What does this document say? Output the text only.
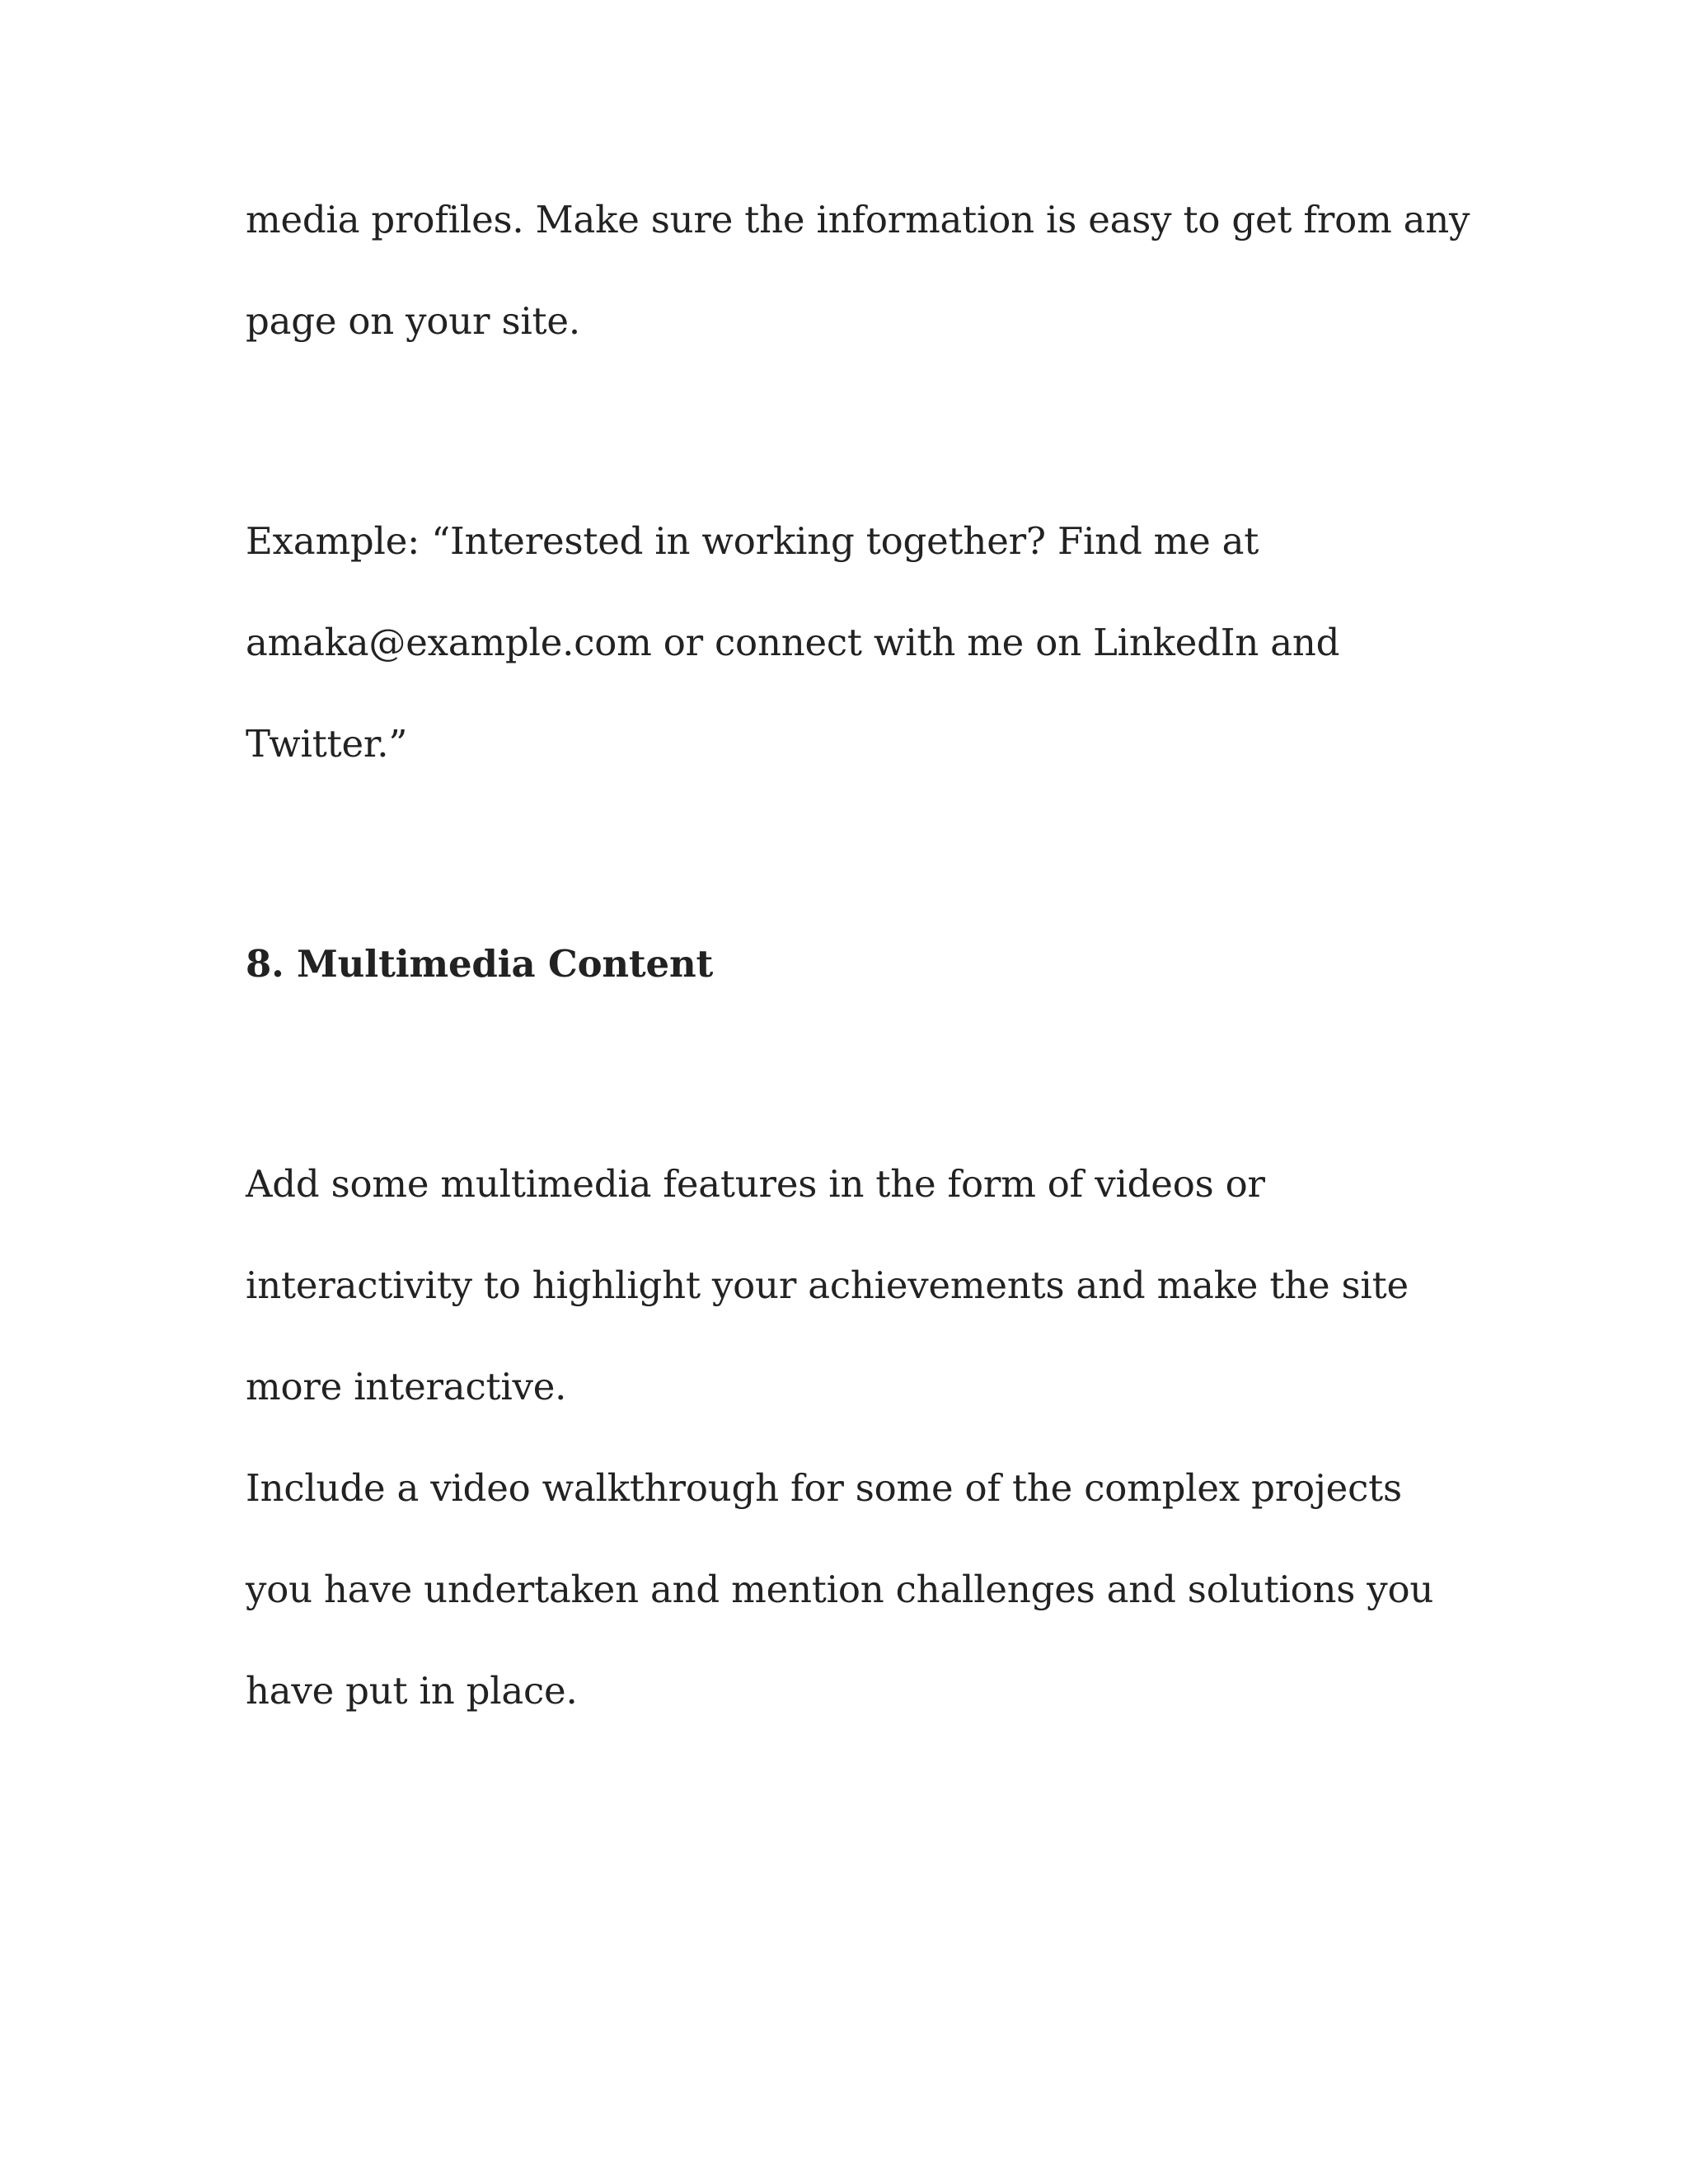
media profiles. Make sure the information is easy to get from any

page on your site.

Example: “Interested in working together? Find me at

amaka@example.com or connect with me on LinkedIn and

Twitter.”

8. Multimedia Content

Add some multimedia features in the form of videos or

interactivity to highlight your achievements and make the site

more interactive.

Include a video walkthrough for some of the complex projects

you have undertaken and mention challenges and solutions you

have put in place.
